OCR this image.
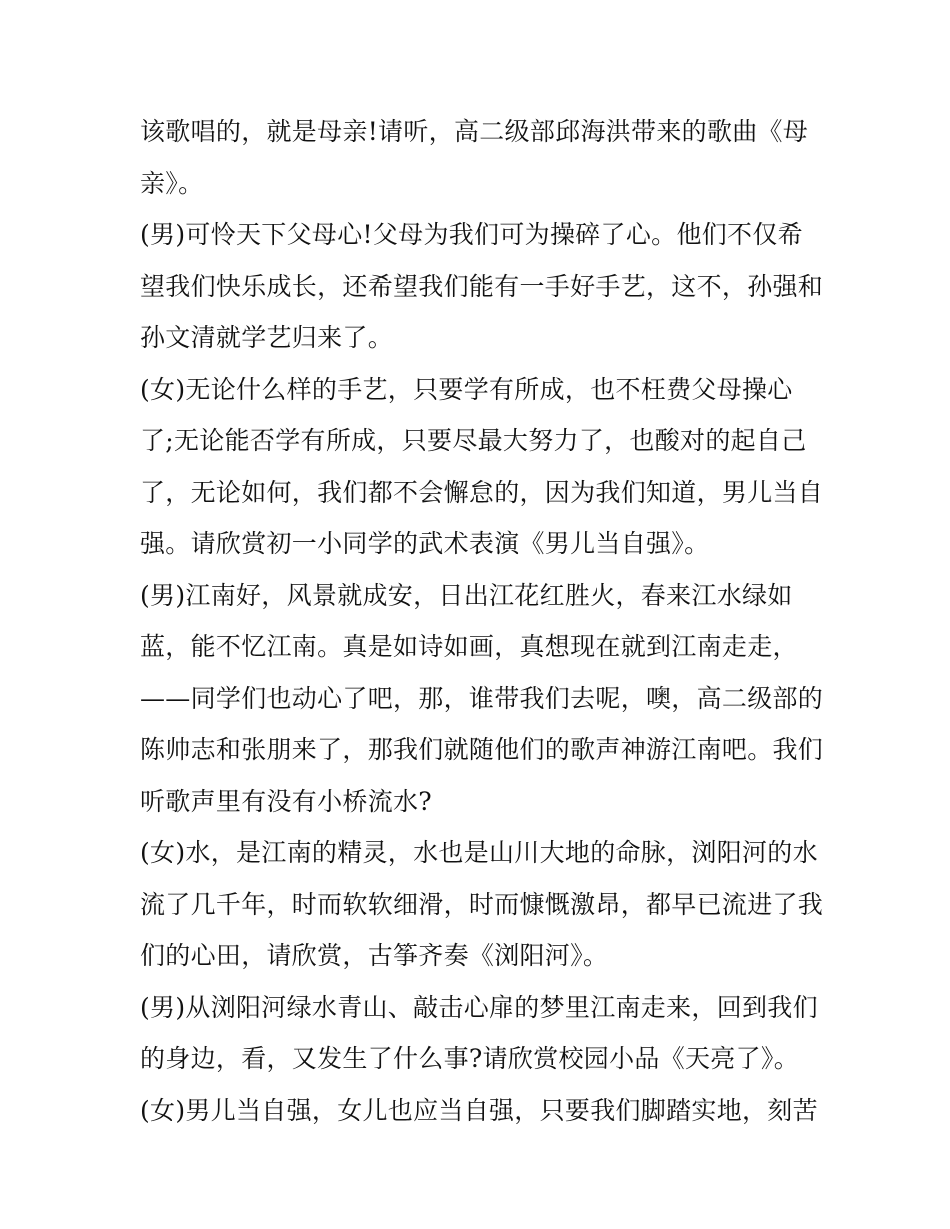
该歌唱的，就是母亲!请听，高二级部邱海洪带来的歌曲《母
亲》。
(男)可怜天下父母心!父母为我们可为操碎了心。他们不仅希
望我们快乐成长，还希望我们能有一手好手艺，这不，孙强和
孙文清就学艺归来了。
(女)无论什么样的手艺，只要学有所成，也不枉费父母操心
了;无论能否学有所成，只要尽最大努力了，也酸对的起自己
了，无论如何，我们都不会懈怠的，因为我们知道，男儿当自
强。请欣赏初一小同学的武术表演《男儿当自强》。
(男)江南好，风景就成安，日出江花红胜火，春来江水绿如
蓝，能不忆江南。真是如诗如画，真想现在就到江南走走，
——同学们也动心了吧，那，谁带我们去呢，噢，高二级部的
陈帅志和张朋来了，那我们就随他们的歌声神游江南吧。我们
听歌声里有没有小桥流水?
(女)水，是江南的精灵，水也是山川大地的命脉，浏阳河的水
流了几千年，时而软软细滑，时而慷慨激昂，都早已流进了我
们的心田，请欣赏，古筝齐奏《浏阳河》。
(男)从浏阳河绿水青山、敲击心扉的梦里江南走来，回到我们
的身边，看，又发生了什么事?请欣赏校园小品《天亮了》。
(女)男儿当自强，女儿也应当自强，只要我们脚踏实地，刻苦
